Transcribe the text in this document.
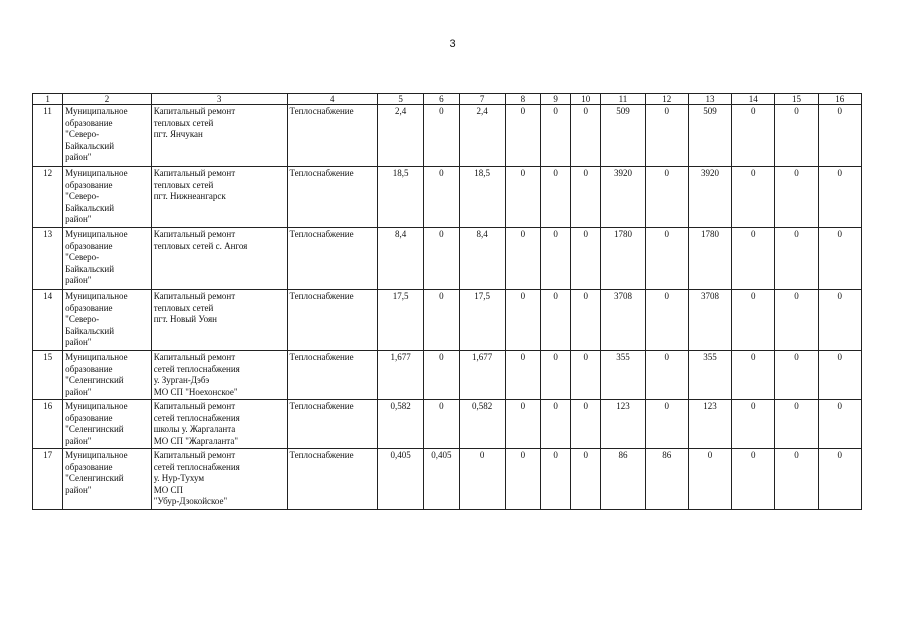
3
1	2	3	4	5	6	7	8	9	10	11	12	13	14	15	16
11	Муниципальное
образование
"Северо-
Байкальский
район"	Капитальный ремонт
тепловых сетей
пгт. Янчукан	Теплоснабжение	2,4	0	2,4	0	0	0	509	0	509	0	0	0
12	Муниципальное
образование
"Северо-
Байкальский
район"	Капитальный ремонт
тепловых сетей
пгт. Нижнеангарск	Теплоснабжение	18,5	0	18,5	0	0	0	3920	0	3920	0	0	0
13	Муниципальное
образование
"Северо-
Байкальский
район"	Капитальный ремонт
тепловых сетей с. Ангоя	Теплоснабжение	8,4	0	8,4	0	0	0	1780	0	1780	0	0	0
14	Муниципальное
образование
"Северо-
Байкальский
район"	Капитальный ремонт
тепловых сетей
пгт. Новый Уоян	Теплоснабжение	17,5	0	17,5	0	0	0	3708	0	3708	0	0	0
15	Муниципальное
образование
"Селенгинский
район"	Капитальный ремонт
сетей теплоснабжения
у. Зурган-Дэбэ
МО СП "Ноехонское"	Теплоснабжение	1,677	0	1,677	0	0	0	355	0	355	0	0	0
16	Муниципальное
образование
"Селенгинский
район"	Капитальный ремонт
сетей теплоснабжения
школы у. Жаргаланта
МО СП "Жаргаланта"	Теплоснабжение	0,582	0	0,582	0	0	0	123	0	123	0	0	0
17	Муниципальное
образование
"Селенгинский
район"	Капитальный ремонт
сетей теплоснабжения
у. Нур-Тухум
МО СП
"Убур-Дзокойское"	Теплоснабжение	0,405	0,405	0	0	0	0	86	86	0	0	0	0
